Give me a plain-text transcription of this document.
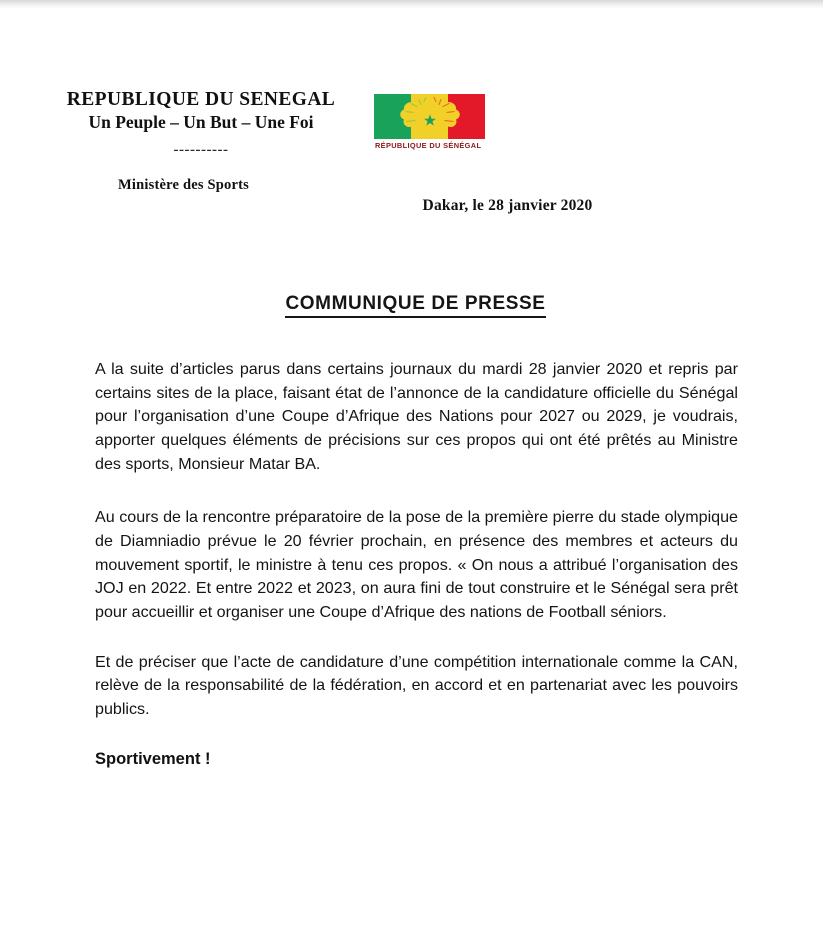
REPUBLIQUE DU SENEGAL
Un Peuple – Un But – Une Foi
----------
Ministère des Sports
RÉPUBLIQUE DU SÉNÉGAL
Dakar, le 28 janvier 2020
COMMUNIQUE DE PRESSE

A la suite d’articles parus dans certains journaux du mardi 28 janvier 2020 et repris par certains sites de la place, faisant état de l’annonce de la candidature officielle du Sénégal pour l’organisation d’une Coupe d’Afrique des Nations pour 2027 ou 2029, je voudrais, apporter quelques éléments de précisions sur ces propos qui ont été prêtés au Ministre des sports, Monsieur Matar BA.

Au cours de la rencontre préparatoire de la pose de la première pierre du stade olympique de Diamniadio prévue le 20 février prochain, en présence des membres et acteurs du mouvement sportif, le ministre à tenu ces propos. « On nous a attribué l’organisation des JOJ en 2022. Et entre 2022 et 2023, on aura fini de tout construire et le Sénégal sera prêt pour accueillir et organiser une Coupe d’Afrique des nations de Football séniors.

Et de préciser que l’acte de candidature d’une compétition internationale comme la CAN, relève de la responsabilité de la fédération, en accord et en partenariat avec les pouvoirs publics.

Sportivement !
